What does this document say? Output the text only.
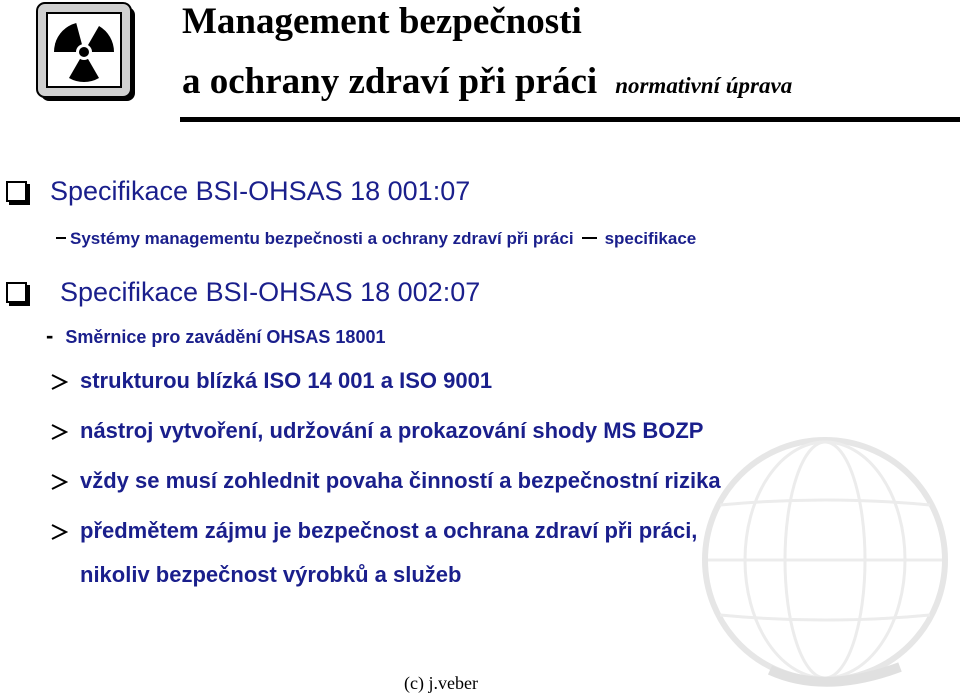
Management bezpečnosti
a ochrany zdraví při práci normativní úprava
Specifikace BSI-OHSAS 18 001:07
Systémy managementu bezpečnosti a ochrany zdraví při práci specifikace
Specifikace BSI-OHSAS 18 002:07
- Směrnice pro zavádění OHSAS 18001
strukturou blízká ISO 14 001 a ISO 9001
nástroj vytvoření, udržování a prokazování shody MS BOZP
vždy se musí zohlednit povaha činností a bezpečnostní rizika
předmětem zájmu je bezpečnost a ochrana zdraví při práci,
nikoliv bezpečnost výrobků a služeb
(c) j.veber
